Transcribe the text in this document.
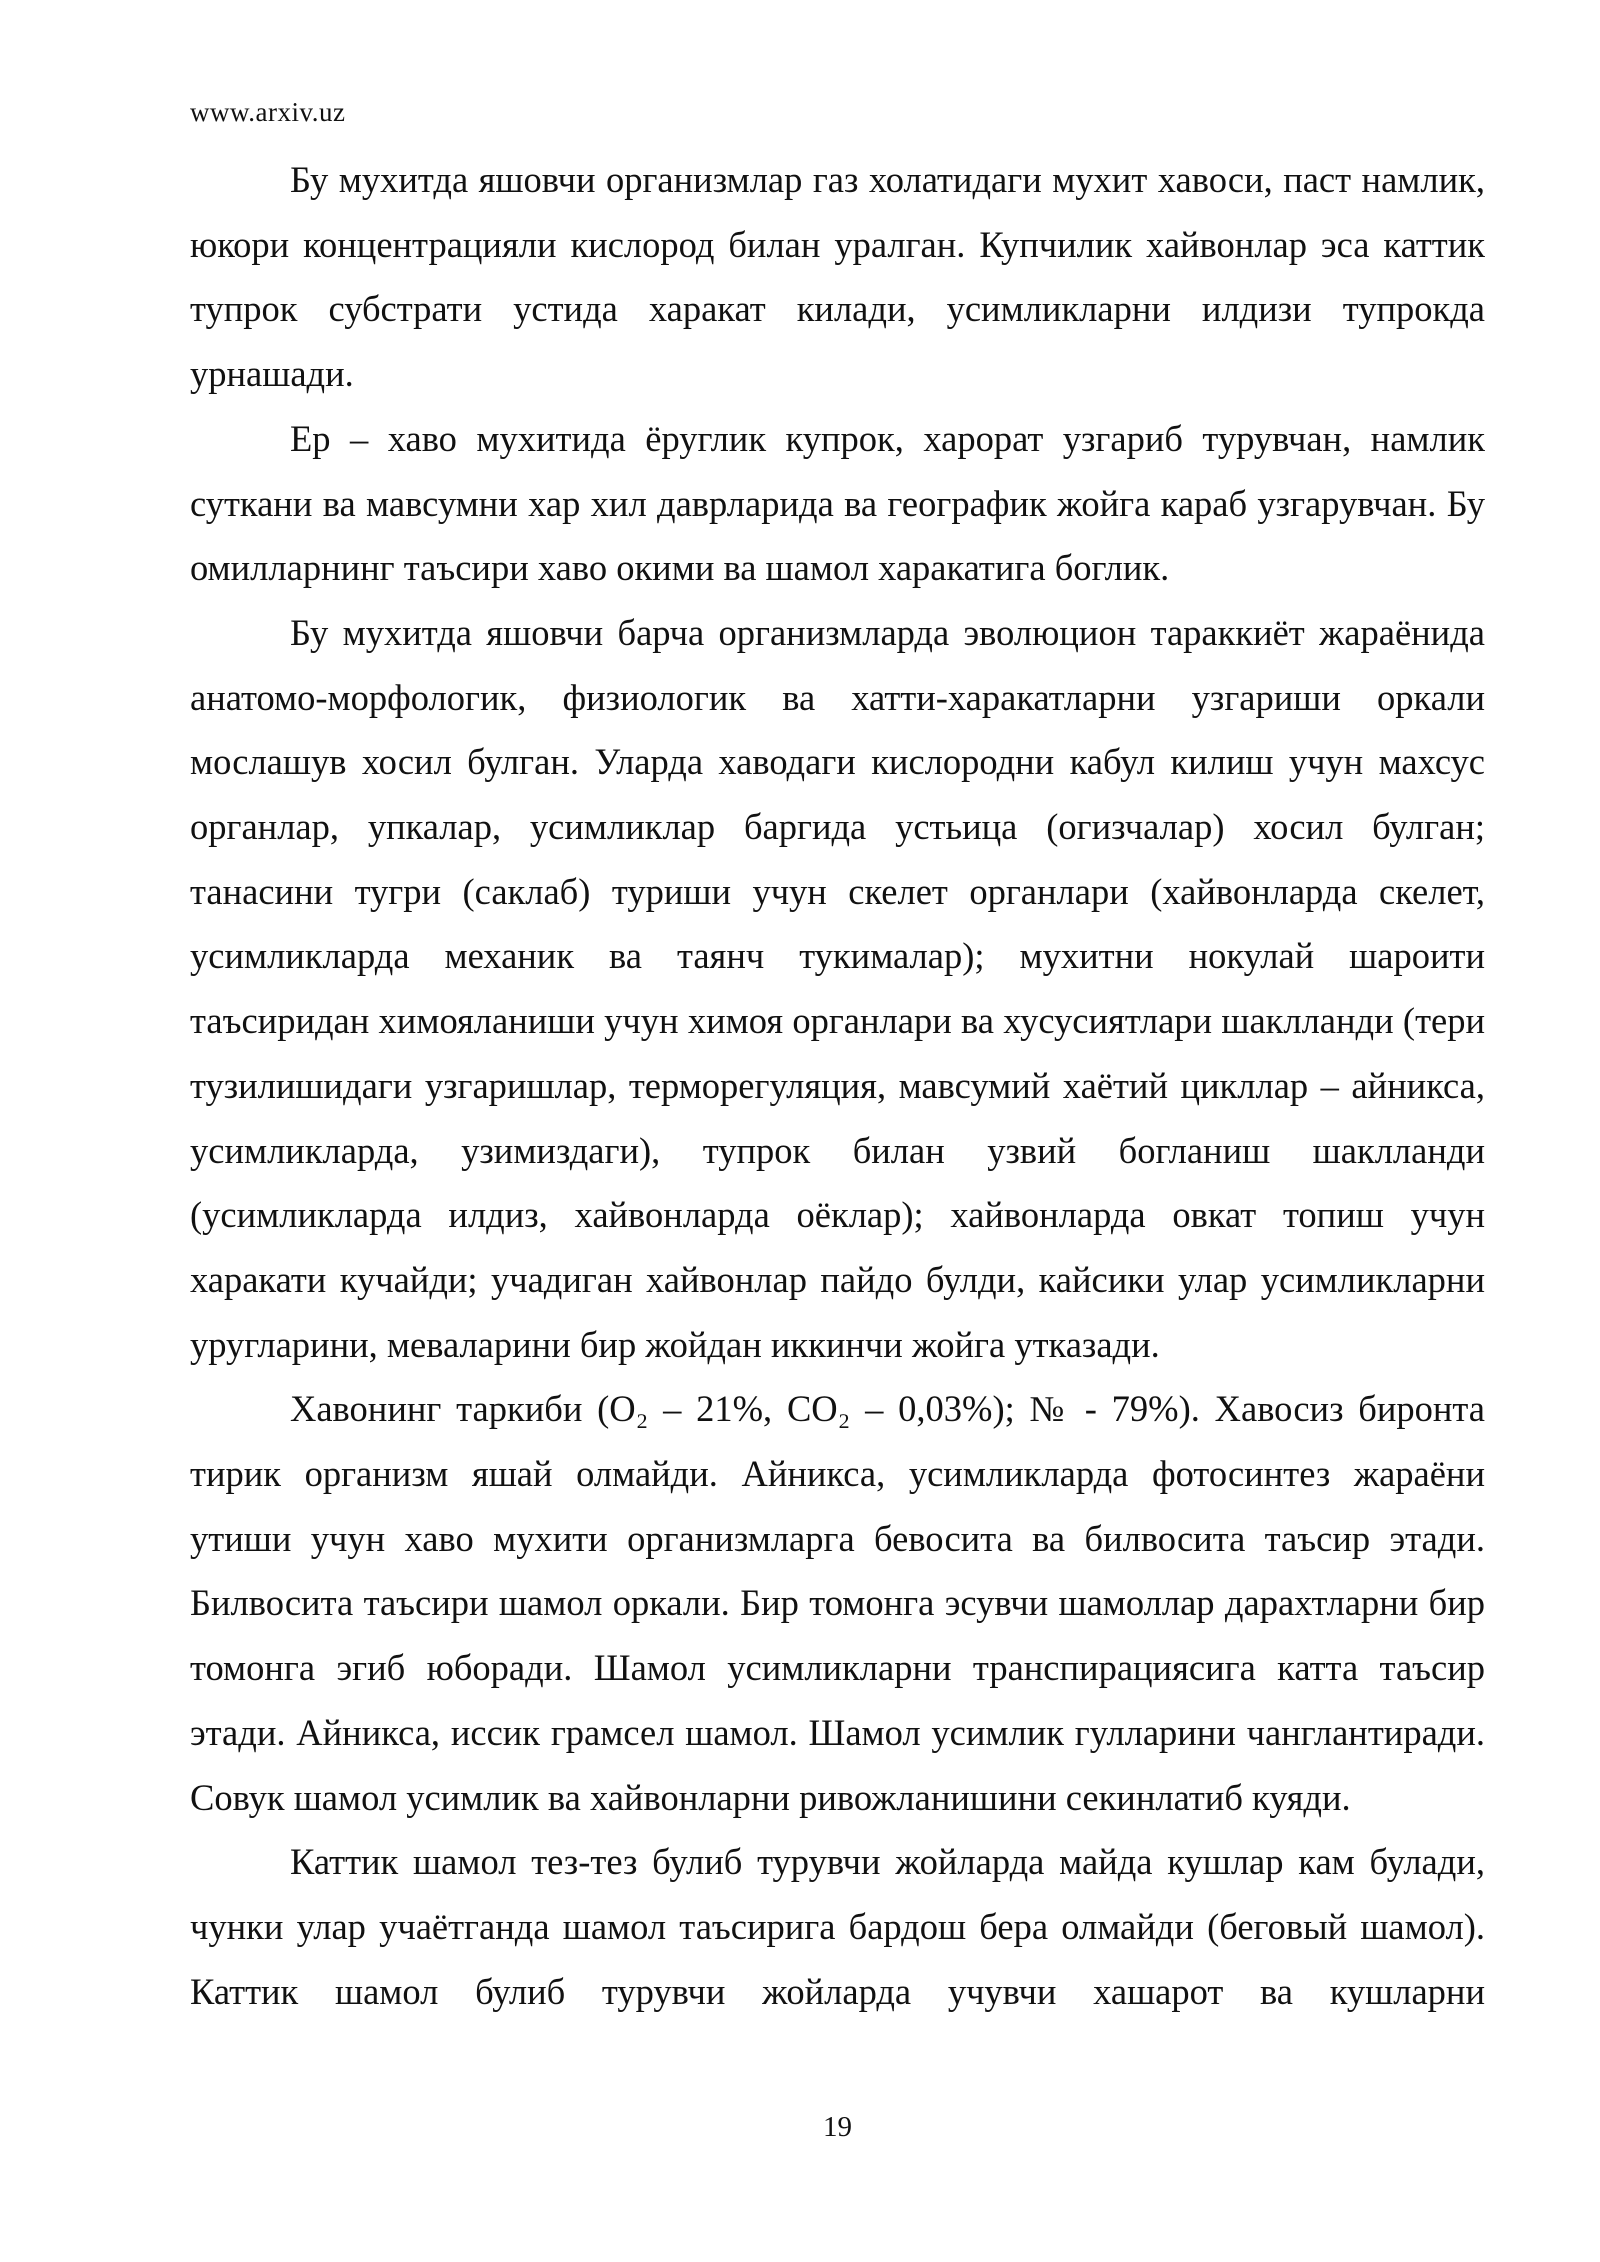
www.arxiv.uz

Бу мухитда яшовчи организмлар газ холатидаги мухит хавоси, паст намлик, юкори концентрацияли кислород билан уралган. Купчилик хайвонлар эса каттик тупрок субстрати устида харакат килади, усимликларни илдизи тупрокда урнашади.

Ер – хаво мухитида ёруглик купрок, харорат узгариб турувчан, намлик суткани ва мавсумни хар хил даврларида ва географик жойга караб узгарувчан. Бу омилларнинг таъсири хаво окими ва шамол харакатига боглик.

Бу мухитда яшовчи барча организмларда эволюцион тараккиёт жараёнида анатомо-морфологик, физиологик ва хатти-харакатларни узгариши оркали мослашув хосил булган. Уларда хаводаги кислородни кабул килиш учун махсус органлар, упкалар, усимликлар баргида устьица (огизчалар) хосил булган; танасини тугри (саклаб) туриши учун скелет органлари (хайвонларда скелет, усимликларда механик ва таянч тукималар); мухитни нокулай шароити таъсиридан химояланиши учун химоя органлари ва хусусиятлари шаклланди (тери тузилишидаги узгаришлар, терморегуляция, мавсумий хаётий цикллар – айникса, усимликларда, узимиздаги), тупрок билан узвий богланиш шаклланди (усимликларда илдиз, хайвонларда оёклар); хайвонларда овкат топиш учун харакати кучайди; учадиган хайвонлар пайдо булди, кайсики улар усимликларни уругларини, меваларини бир жойдан иккинчи жойга утказади.

Хавонинг таркиби (О₂ – 21%, СО₂ – 0,03%); № - 79%). Хавосиз биронта тирик организм яшай олмайди. Айникса, усимликларда фотосинтез жараёни утиши учун хаво мухити организмларга бевосита ва билвосита таъсир этади. Билвосита таъсири шамол оркали. Бир томонга эсувчи шамоллар дарахтларни бир томонга эгиб юборади. Шамол усимликларни транспирациясига катта таъсир этади. Айникса, иссик грамсел шамол. Шамол усимлик гулларини чанглантиради. Совук шамол усимлик ва хайвонларни ривожланишини секинлатиб куяди.

Каттик шамол тез-тез булиб турувчи жойларда майда кушлар кам булади, чунки улар учаётганда шамол таъсирига бардош бера олмайди (беговый шамол). Каттик шамол булиб турувчи жойларда учувчи хашарот ва кушларни

19
